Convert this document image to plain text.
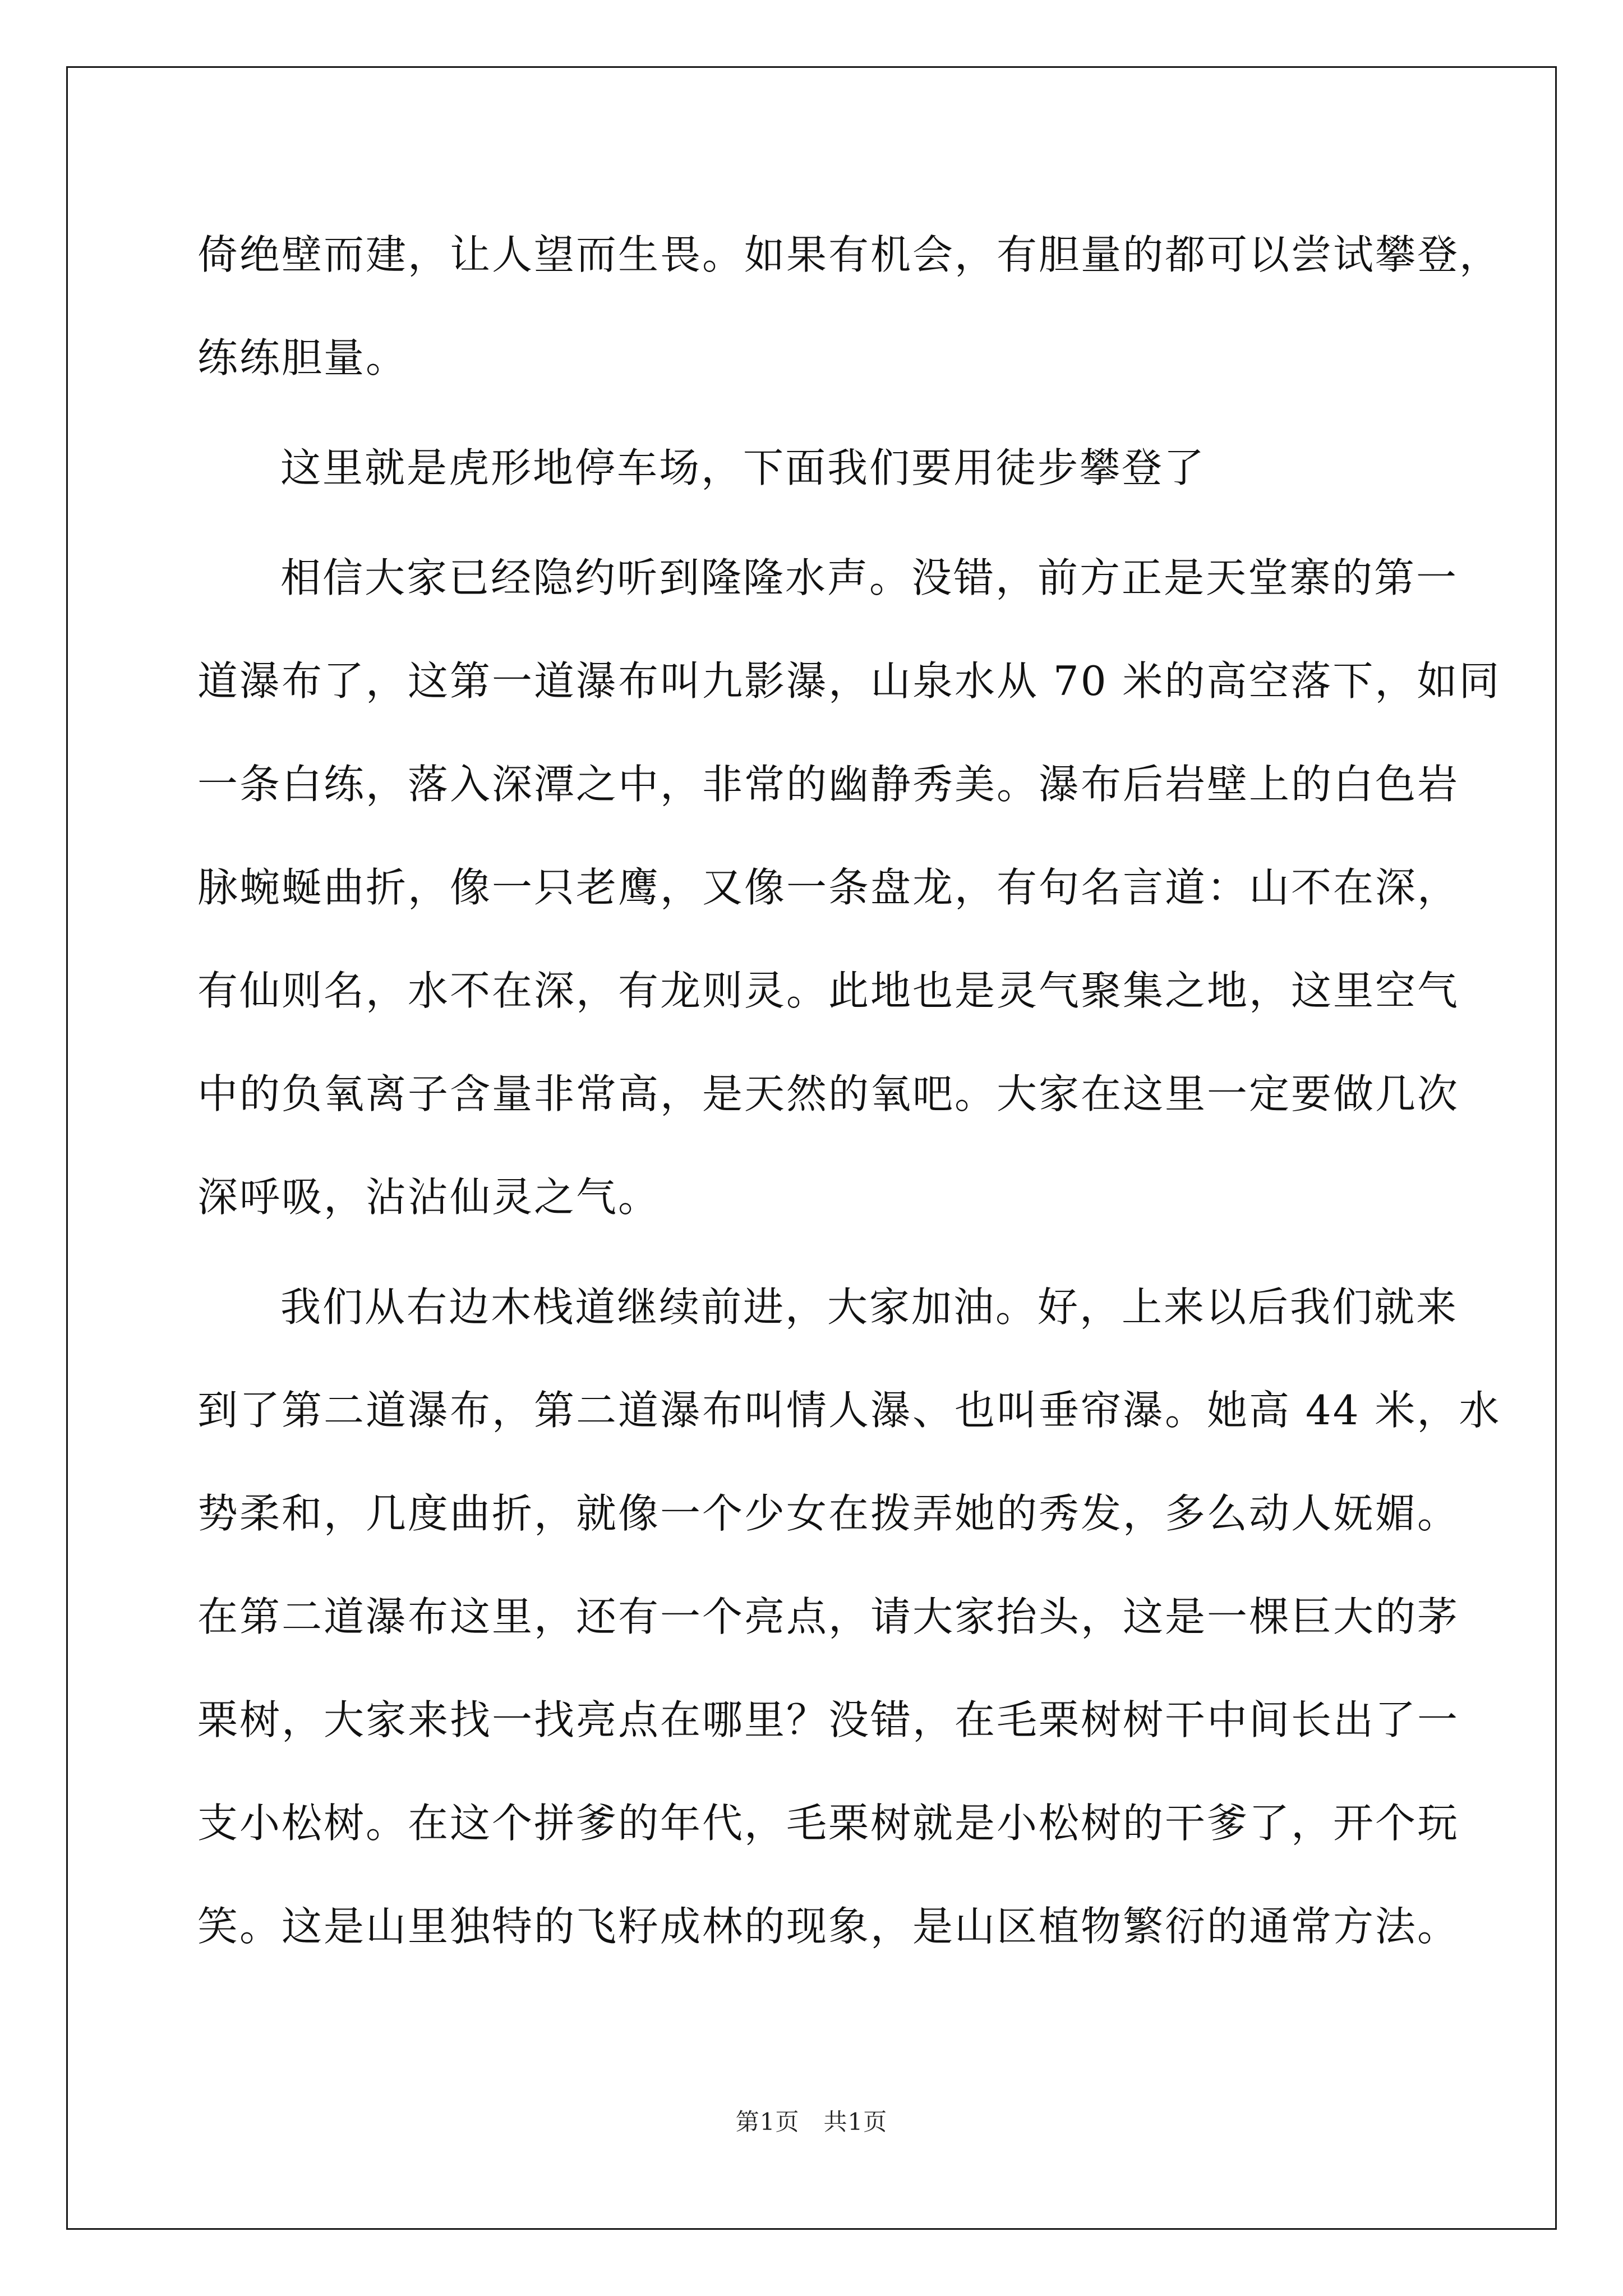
倚绝壁而建，让人望而生畏。如果有机会，有胆量的都可以尝试攀登，
练练胆量。
这里就是虎形地停车场，下面我们要用徒步攀登了
相信大家已经隐约听到隆隆水声。没错，前方正是天堂寨的第一
道瀑布了，这第一道瀑布叫九影瀑，山泉水从 70 米的高空落下，如同
一条白练，落入深潭之中，非常的幽静秀美。瀑布后岩壁上的白色岩
脉蜿蜒曲折，像一只老鹰，又像一条盘龙，有句名言道：山不在深，
有仙则名，水不在深，有龙则灵。此地也是灵气聚集之地，这里空气
中的负氧离子含量非常高，是天然的氧吧。大家在这里一定要做几次
深呼吸，沾沾仙灵之气。
我们从右边木栈道继续前进，大家加油。好，上来以后我们就来
到了第二道瀑布，第二道瀑布叫情人瀑、也叫垂帘瀑。她高 44 米，水
势柔和，几度曲折，就像一个少女在拨弄她的秀发，多么动人妩媚。
在第二道瀑布这里，还有一个亮点，请大家抬头，这是一棵巨大的茅
栗树，大家来找一找亮点在哪里？没错，在毛栗树树干中间长出了一
支小松树。在这个拼爹的年代，毛栗树就是小松树的干爹了，开个玩
笑。这是山里独特的飞籽成林的现象，是山区植物繁衍的通常方法。
第1页　共1页
